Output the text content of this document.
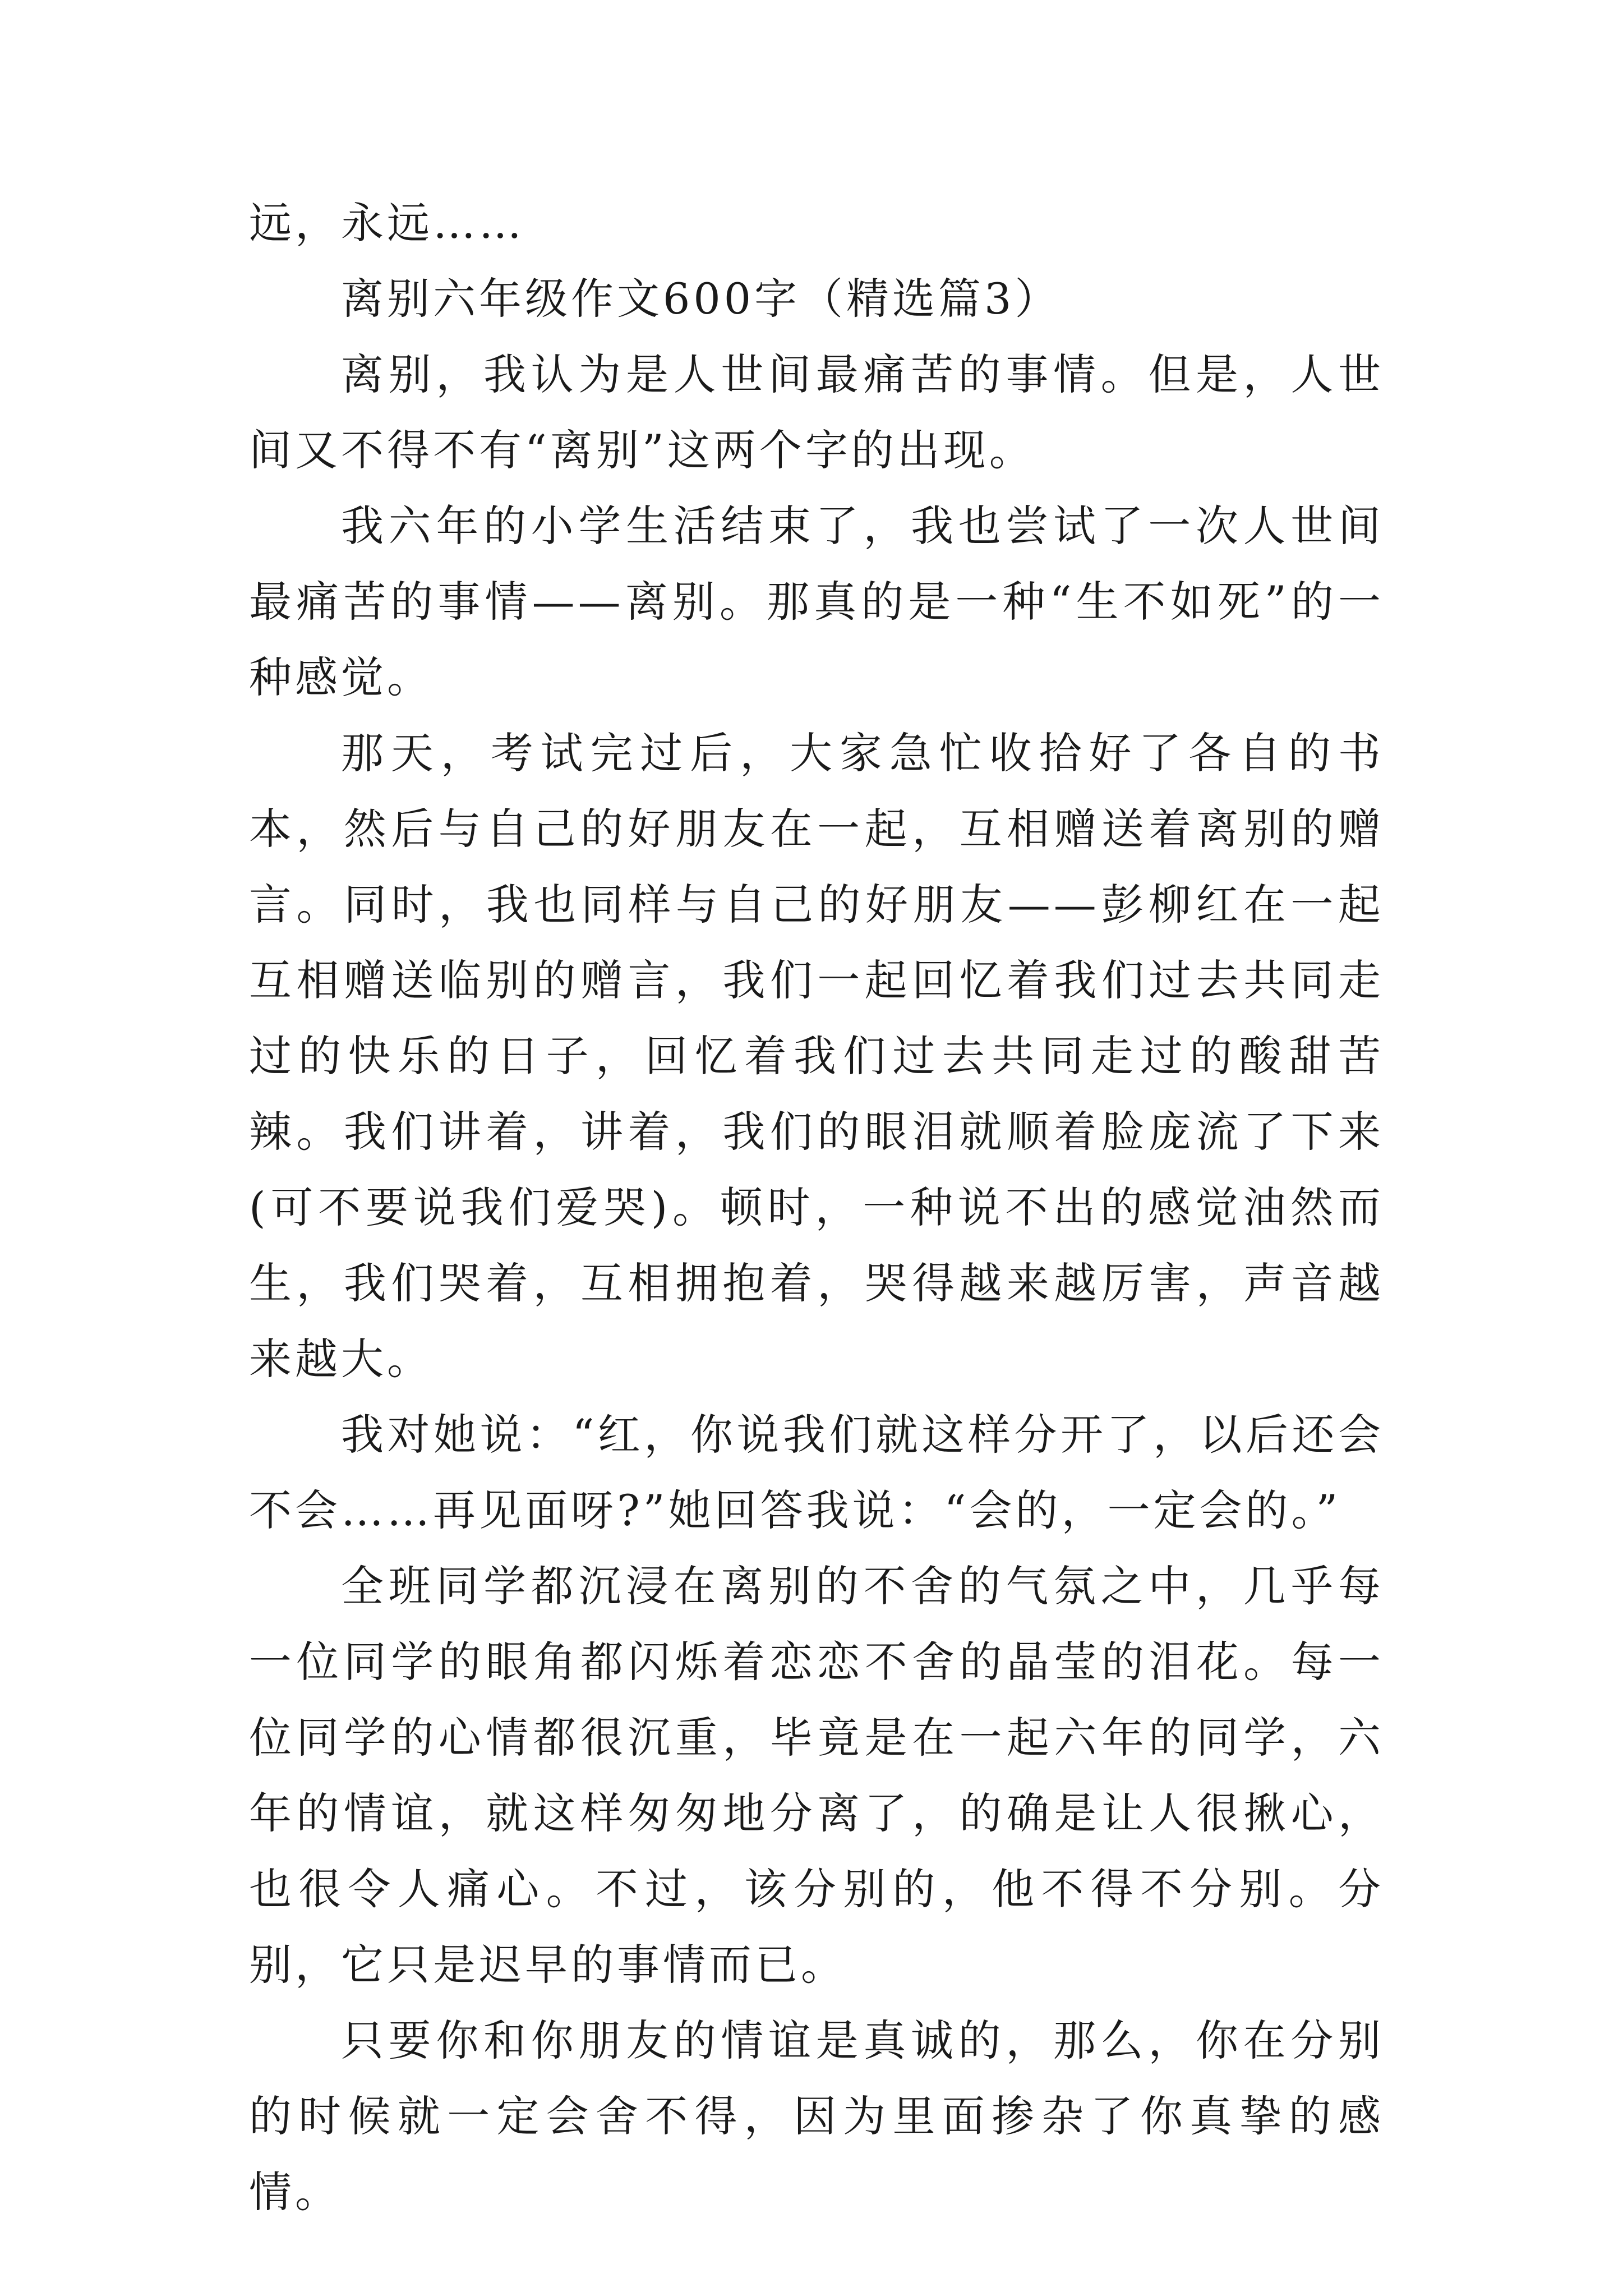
远，永远……

离别六年级作文600字（精选篇3）

离别，我认为是人世间最痛苦的事情。但是，人世间又不得不有“离别”这两个字的出现。

我六年的小学生活结束了，我也尝试了一次人世间最痛苦的事情——离别。那真的是一种“生不如死”的一种感觉。

那天，考试完过后，大家急忙收拾好了各自的书本，然后与自己的好朋友在一起，互相赠送着离别的赠言。同时，我也同样与自己的好朋友——彭柳红在一起互相赠送临别的赠言，我们一起回忆着我们过去共同走过的快乐的日子，回忆着我们过去共同走过的酸甜苦辣。我们讲着，讲着，我们的眼泪就顺着脸庞流了下来(可不要说我们爱哭)。顿时，一种说不出的感觉油然而生，我们哭着，互相拥抱着，哭得越来越厉害，声音越来越大。

我对她说：“红，你说我们就这样分开了，以后还会不会……再见面呀?”她回答我说：“会的，一定会的。”

全班同学都沉浸在离别的不舍的气氛之中，几乎每一位同学的眼角都闪烁着恋恋不舍的晶莹的泪花。每一位同学的心情都很沉重，毕竟是在一起六年的同学，六年的情谊，就这样匆匆地分离了，的确是让人很揪心，也很令人痛心。不过，该分别的，他不得不分别。分别，它只是迟早的事情而已。

只要你和你朋友的情谊是真诚的，那么，你在分别的时候就一定会舍不得，因为里面掺杂了你真挚的感情。
